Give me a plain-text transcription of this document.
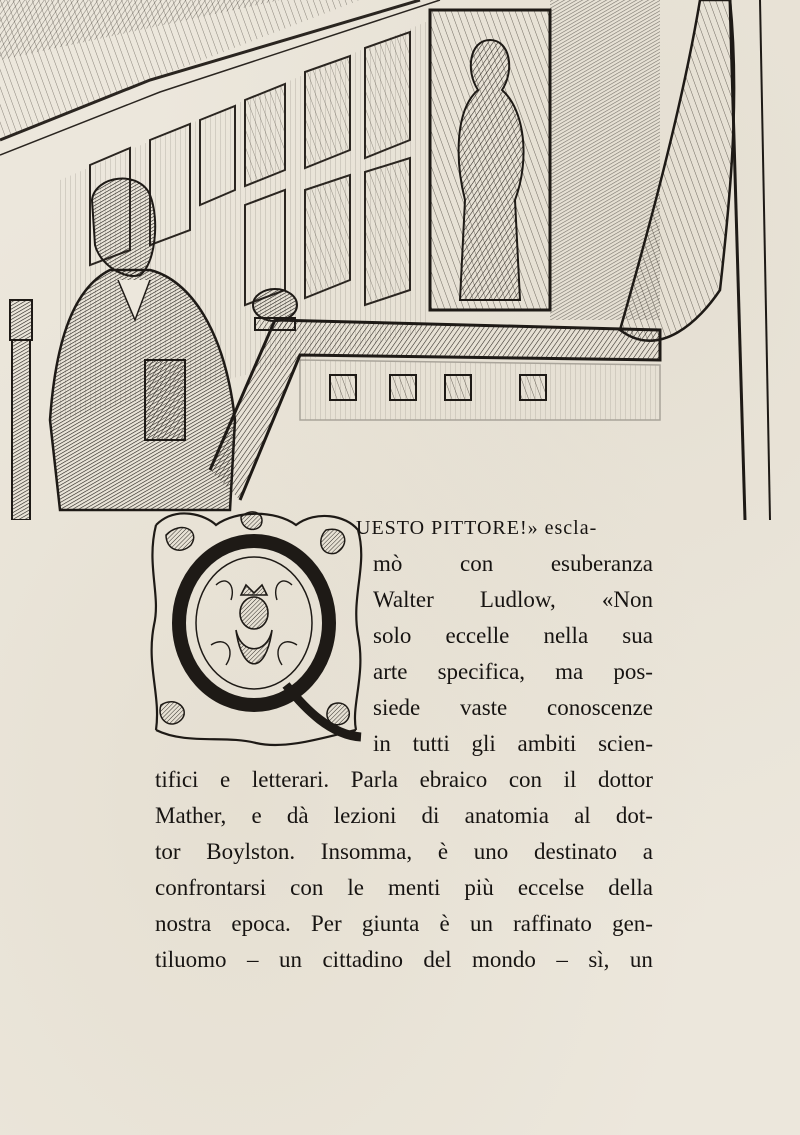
UESTO PITTORE!» escla-
mò	con	esuberanza
Walter Ludlow, «Non
solo eccelle nella sua
arte specifica, ma pos-
siede vaste conoscenze
in tutti gli ambiti scien-
tifici e letterari. Parla ebraico con il dottor
Mather, e dà lezioni di anatomia al dot-
tor Boylston. Insomma, è uno destinato a
confrontarsi con le menti più eccelse della
nostra epoca. Per giunta è un raffinato gen-
tiluomo – un cittadino del mondo – sì, un
